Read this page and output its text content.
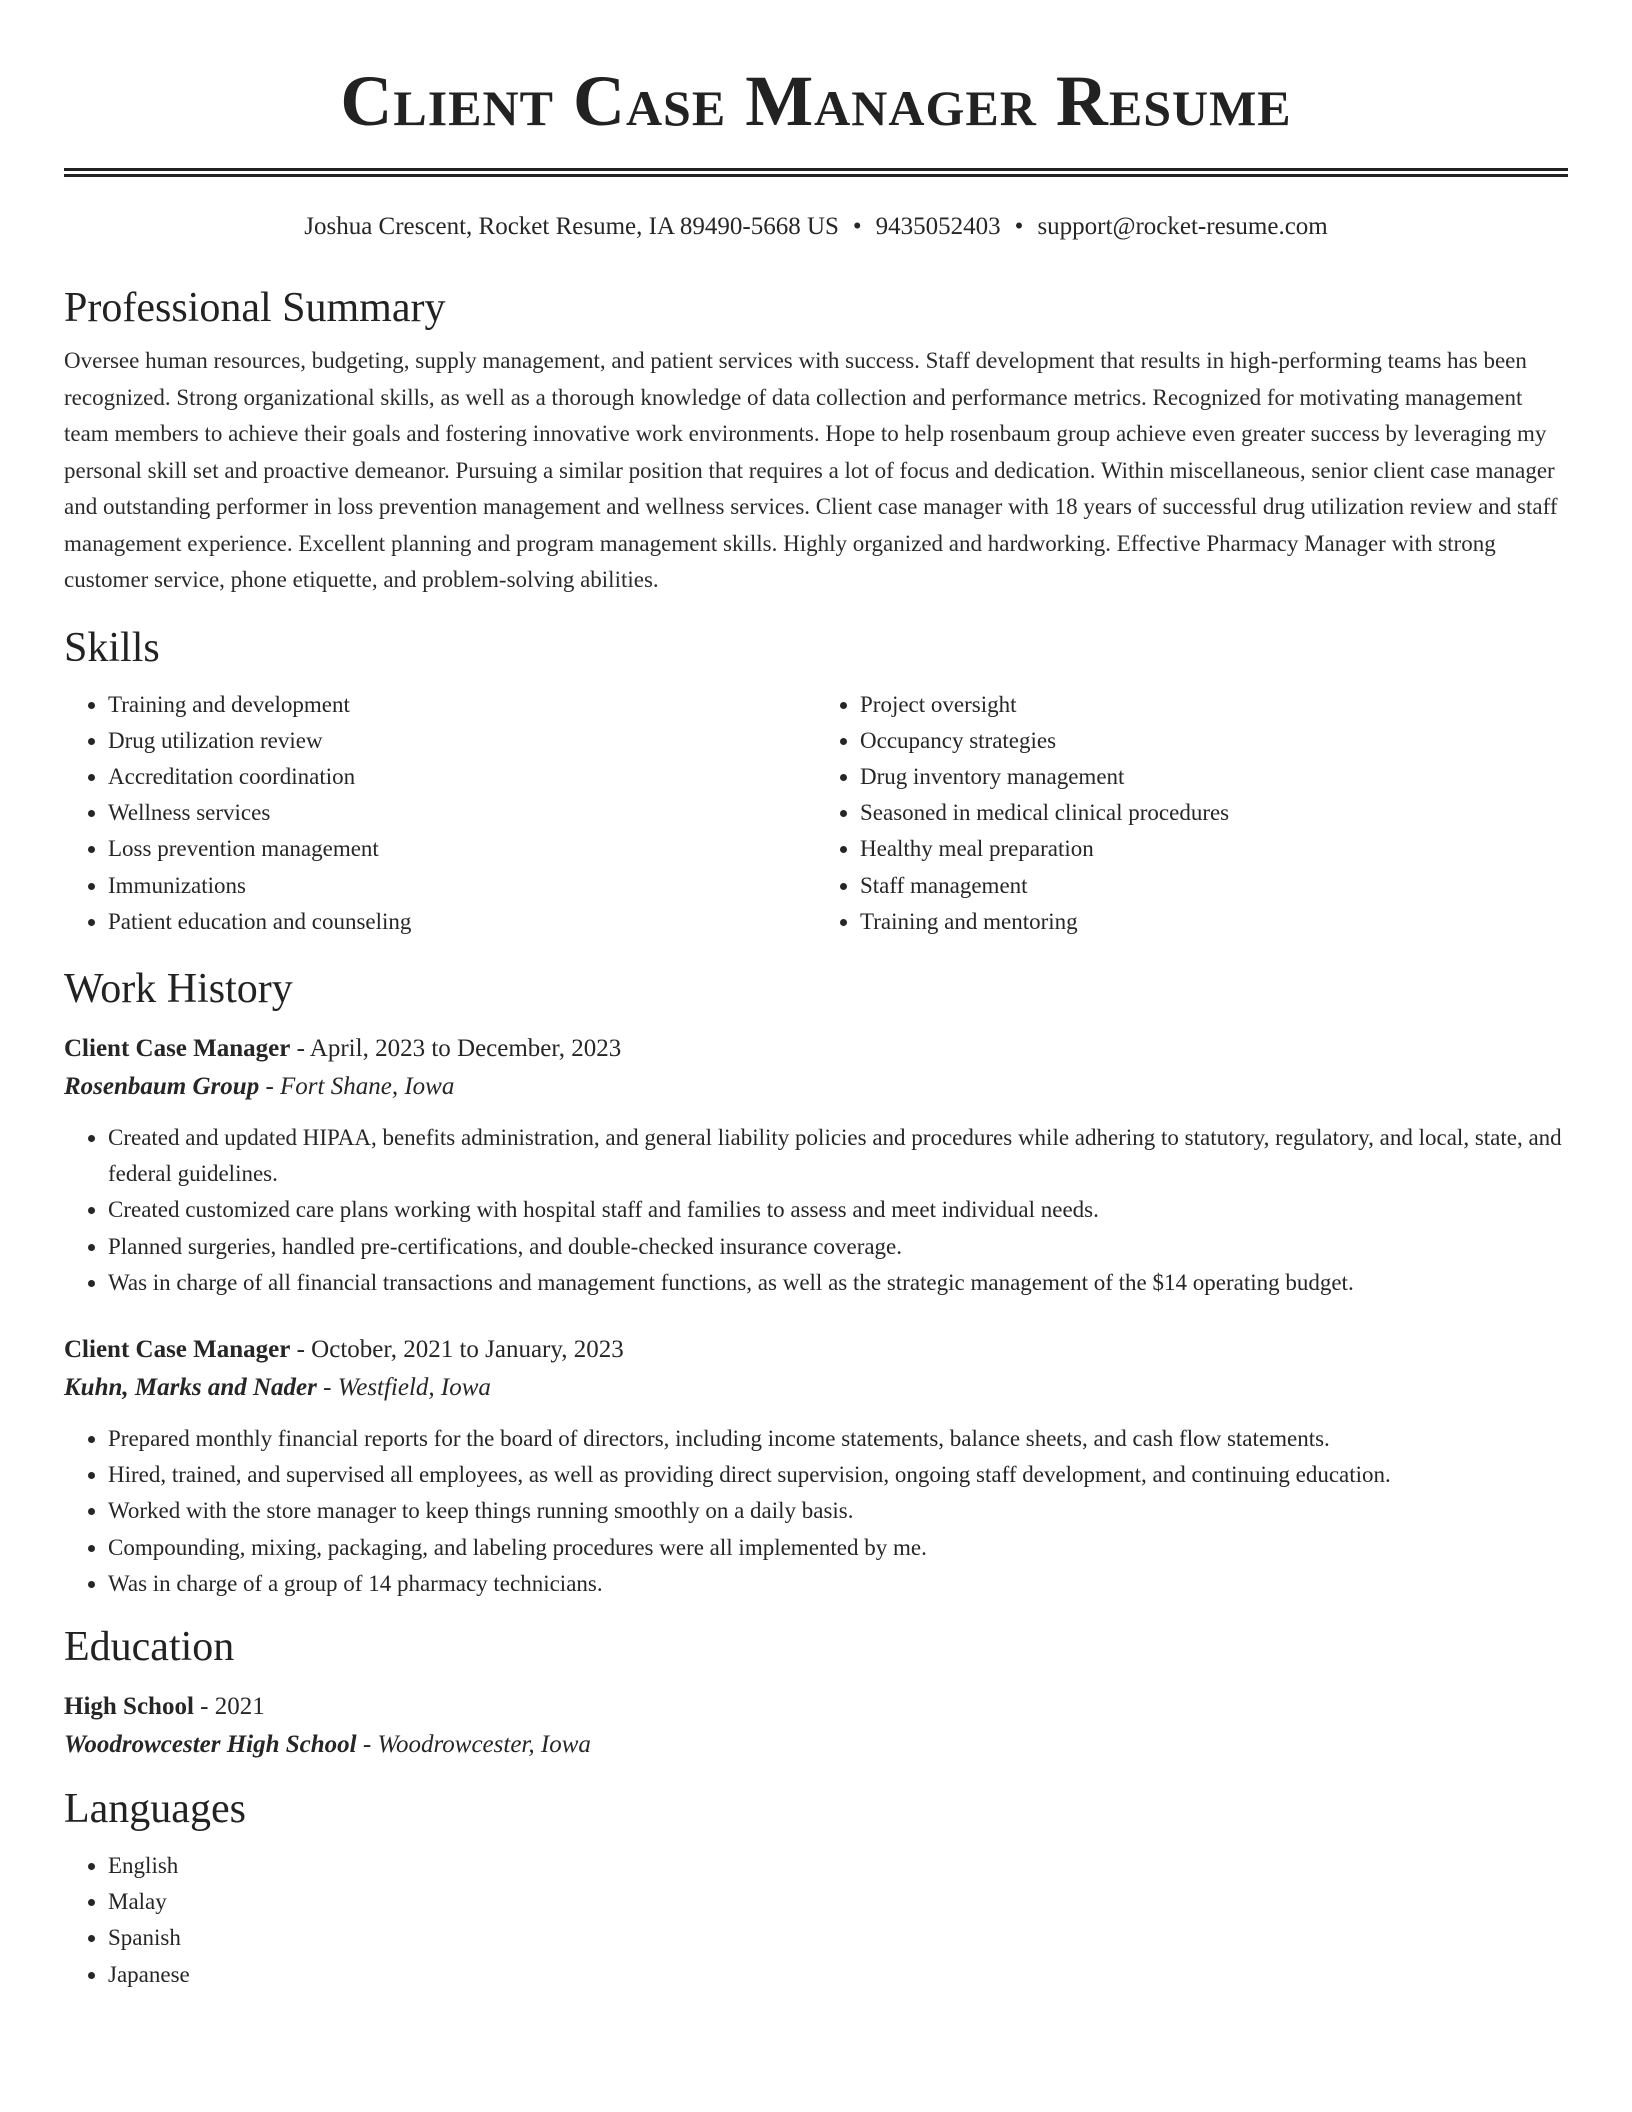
Client Case Manager Resume
Joshua Crescent, Rocket Resume, IA 89490-5668 US • 9435052403 • support@rocket-resume.com
Professional Summary
Oversee human resources, budgeting, supply management, and patient services with success. Staff development that results in high-performing teams has been recognized. Strong organizational skills, as well as a thorough knowledge of data collection and performance metrics. Recognized for motivating management team members to achieve their goals and fostering innovative work environments. Hope to help rosenbaum group achieve even greater success by leveraging my personal skill set and proactive demeanor. Pursuing a similar position that requires a lot of focus and dedication. Within miscellaneous, senior client case manager and outstanding performer in loss prevention management and wellness services. Client case manager with 18 years of successful drug utilization review and staff management experience. Excellent planning and program management skills. Highly organized and hardworking. Effective Pharmacy Manager with strong customer service, phone etiquette, and problem-solving abilities.
Skills
• Training and development
• Drug utilization review
• Accreditation coordination
• Wellness services
• Loss prevention management
• Immunizations
• Patient education and counseling
• Project oversight
• Occupancy strategies
• Drug inventory management
• Seasoned in medical clinical procedures
• Healthy meal preparation
• Staff management
• Training and mentoring
Work History
Client Case Manager - April, 2023 to December, 2023
Rosenbaum Group - Fort Shane, Iowa
• Created and updated HIPAA, benefits administration, and general liability policies and procedures while adhering to statutory, regulatory, and local, state, and federal guidelines.
• Created customized care plans working with hospital staff and families to assess and meet individual needs.
• Planned surgeries, handled pre-certifications, and double-checked insurance coverage.
• Was in charge of all financial transactions and management functions, as well as the strategic management of the $14 operating budget.
Client Case Manager - October, 2021 to January, 2023
Kuhn, Marks and Nader - Westfield, Iowa
• Prepared monthly financial reports for the board of directors, including income statements, balance sheets, and cash flow statements.
• Hired, trained, and supervised all employees, as well as providing direct supervision, ongoing staff development, and continuing education.
• Worked with the store manager to keep things running smoothly on a daily basis.
• Compounding, mixing, packaging, and labeling procedures were all implemented by me.
• Was in charge of a group of 14 pharmacy technicians.
Education
High School - 2021
Woodrowcester High School - Woodrowcester, Iowa
Languages
• English
• Malay
• Spanish
• Japanese
